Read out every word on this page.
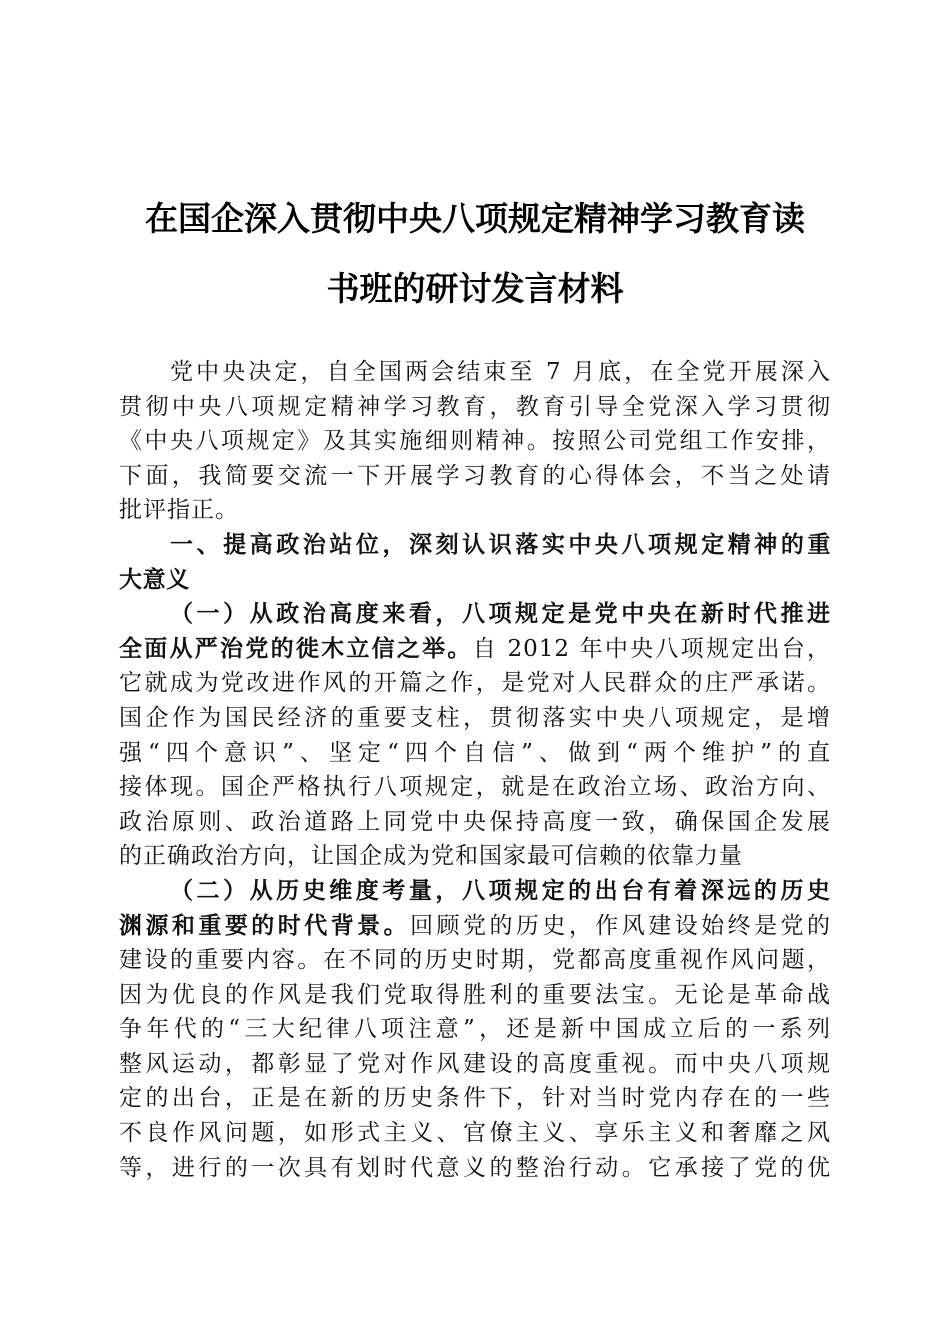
在国企深入贯彻中央八项规定精神学习教育读
书班的研讨发言材料
党中央决定，自全国两会结束至 7 月底，在全党开展深入
贯彻中央八项规定精神学习教育，教育引导全党深入学习贯彻
《中央八项规定》及其实施细则精神。按照公司党组工作安排，
下面，我简要交流一下开展学习教育的心得体会，不当之处请
批评指正。
一、提高政治站位，深刻认识落实中央八项规定精神的重
大意义
（一）从政治高度来看，八项规定是党中央在新时代推进
全面从严治党的徙木立信之举。自 2012 年中央八项规定出台，
它就成为党改进作风的开篇之作，是党对人民群众的庄严承诺。
国企作为国民经济的重要支柱，贯彻落实中央八项规定，是增
强“四个意识”、坚定“四个自信”、做到“两个维护”的直
接体现。国企严格执行八项规定，就是在政治立场、政治方向、
政治原则、政治道路上同党中央保持高度一致，确保国企发展
的正确政治方向，让国企成为党和国家最可信赖的依靠力量
（二）从历史维度考量，八项规定的出台有着深远的历史
渊源和重要的时代背景。回顾党的历史，作风建设始终是党的
建设的重要内容。在不同的历史时期，党都高度重视作风问题，
因为优良的作风是我们党取得胜利的重要法宝。无论是革命战
争年代的“三大纪律八项注意”，还是新中国成立后的一系列
整风运动，都彰显了党对作风建设的高度重视。而中央八项规
定的出台，正是在新的历史条件下，针对当时党内存在的一些
不良作风问题，如形式主义、官僚主义、享乐主义和奢靡之风
等，进行的一次具有划时代意义的整治行动。它承接了党的优
